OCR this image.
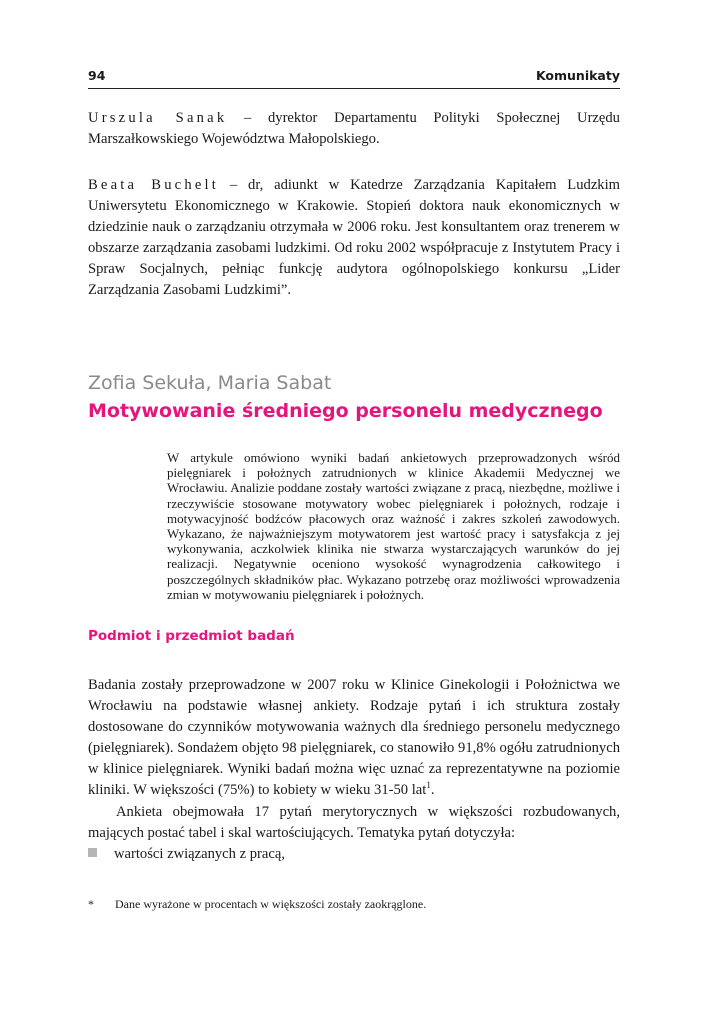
94	Komunikaty

Urszula Sanak – dyrektor Departamentu Polityki Społecznej Urzędu Marszałkowskiego Województwa Małopolskiego.

Beata Buchelt – dr, adiunkt w Katedrze Zarządzania Kapitałem Ludzkim Uniwersytetu Ekonomicznego w Krakowie. Stopień doktora nauk ekonomicznych w dziedzinie nauk o zarządzaniu otrzymała w 2006 roku. Jest konsultantem oraz trenerem w obszarze zarządzania zasobami ludzkimi. Od roku 2002 współpracuje z Instytutem Pracy i Spraw Socjalnych, pełniąc funkcję audytora ogólnopolskiego konkursu „Lider Zarządzania Zasobami Ludzkimi”.

Zofia Sekuła, Maria Sabat
Motywowanie średniego personelu medycznego

W artykule omówiono wyniki badań ankietowych przeprowadzonych wśród pielęgniarek i położnych zatrudnionych w klinice Akademii Medycznej we Wrocławiu. Analizie poddane zostały wartości związane z pracą, niezbędne, możliwe i rzeczywiście stosowane motywatory wobec pielęgniarek i położnych, rodzaje i motywacyjność bodźców płacowych oraz ważność i zakres szkoleń zawodowych. Wykazano, że najważniejszym motywatorem jest wartość pracy i satysfakcja z jej wykonywania, aczkolwiek klinika nie stwarza wystarczających warunków do jej realizacji. Negatywnie oceniono wysokość wynagrodzenia całkowitego i poszczególnych składników płac. Wykazano potrzebę oraz możliwości wprowadzenia zmian w motywowaniu pielęgniarek i położnych.

Podmiot i przedmiot badań

Badania zostały przeprowadzone w 2007 roku w Klinice Ginekologii i Położnictwa we Wrocławiu na podstawie własnej ankiety. Rodzaje pytań i ich struktura zostały dostosowane do czynników motywowania ważnych dla średniego personelu medycznego (pielęgniarek). Sondażem objęto 98 pielęgniarek, co stanowiło 91,8% ogółu zatrudnionych w klinice pielęgniarek. Wyniki badań można więc uznać za reprezentatywne na poziomie kliniki. W większości (75%) to kobiety w wieku 31-50 lat$^1$.

Ankieta obejmowała 17 pytań merytorycznych w większości rozbudowanych, mających postać tabel i skal wartościujących. Tematyka pytań dotyczyła:

wartości związanych z pracą,
* Dane wyrażone w procentach w większości zostały zaokrąglone.
